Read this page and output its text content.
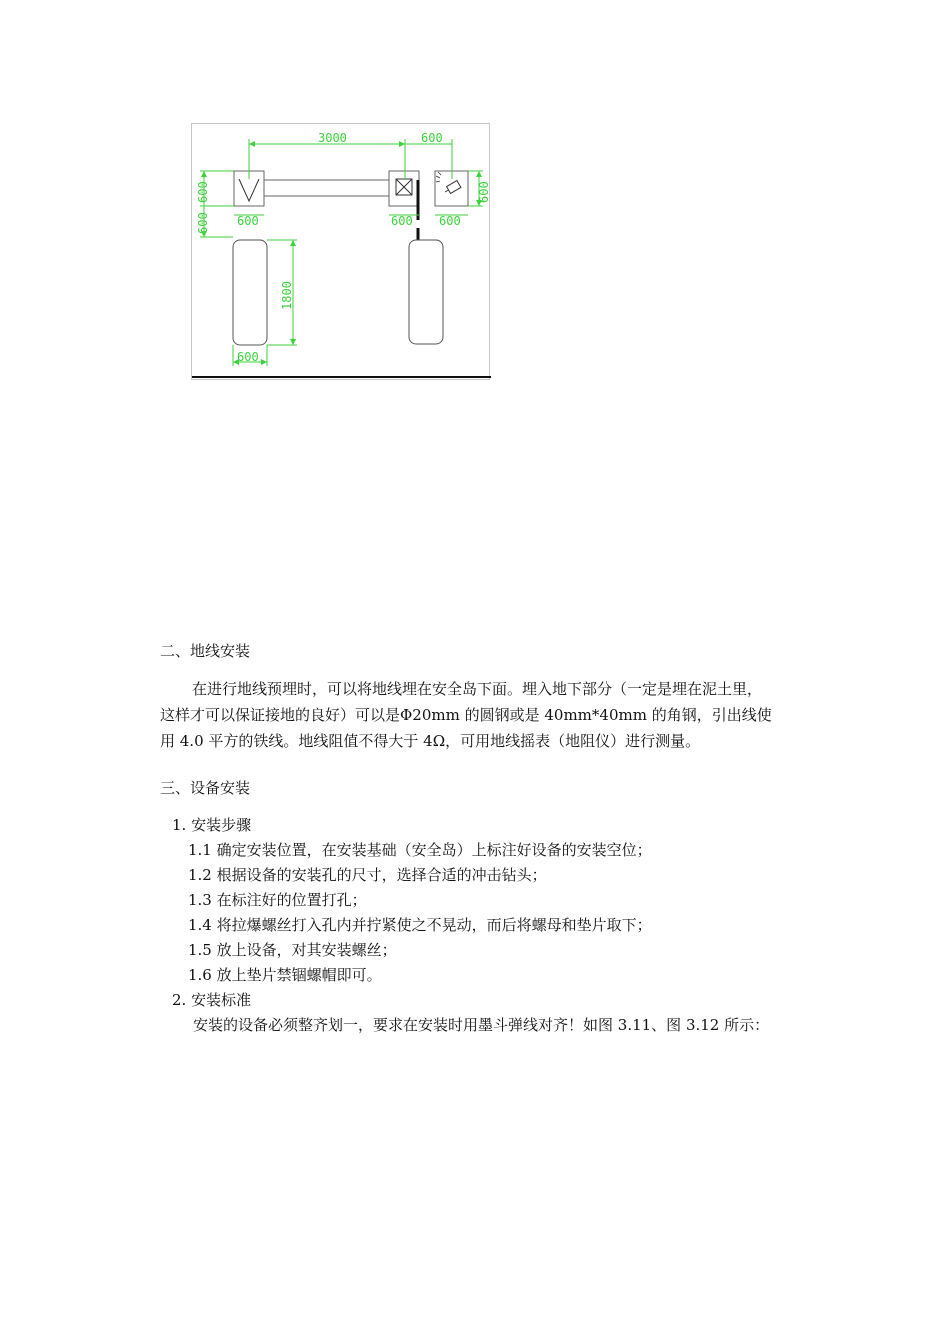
3000	600
600
600
600
600	600 600
1800
600
二、地线安装
在进行地线预埋时，可以将地线埋在安全岛下面。埋入地下部分（一定是埋在泥土里，
这样才可以保证接地的良好）可以是Φ20mm 的圆钢或是 40mm*40mm 的角钢，引出线使
用 4.0 平方的铁线。地线阻值不得大于 4Ω，可用地线摇表（地阻仪）进行测量。
三、设备安装
1. 安装步骤
1.1 确定安装位置，在安装基础（安全岛）上标注好设备的安装空位；
1.2 根据设备的安装孔的尺寸，选择合适的冲击钻头；
1.3 在标注好的位置打孔；
1.4 将拉爆螺丝打入孔内并拧紧使之不晃动，而后将螺母和垫片取下；
1.5 放上设备，对其安装螺丝；
1.6 放上垫片禁锢螺帽即可。
2. 安装标准
安装的设备必须整齐划一，要求在安装时用墨斗弹线对齐！如图 3.11、图 3.12 所示：
